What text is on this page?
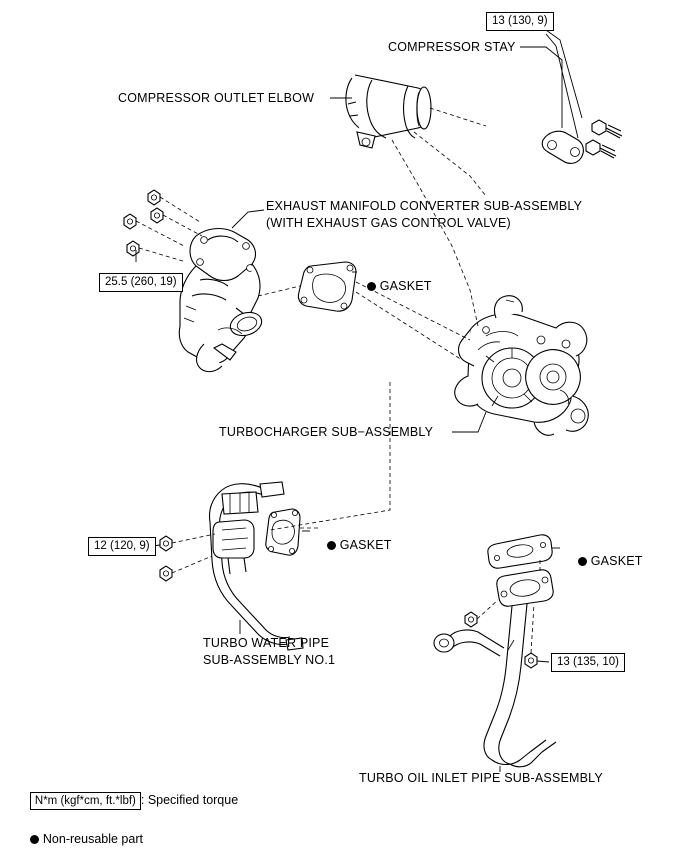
13 (130, 9)
COMPRESSOR STAY
COMPRESSOR OUTLET ELBOW
EXHAUST MANIFOLD CONVERTER SUB-ASSEMBLY
(WITH EXHAUST GAS CONTROL VALVE)
25.5 (260, 19)	GASKET

TURBOCHARGER SUB−ASSEMBLY
12 (120, 9)	GASKET

GASKET

TURBO WATER PIPE
SUB-ASSEMBLY NO.1	13 (135, 10)
TURBO OIL INLET PIPE SUB-ASSEMBLY

N*m (kgf*cm, ft.*lbf) : Specified torque

Non-reusable part
